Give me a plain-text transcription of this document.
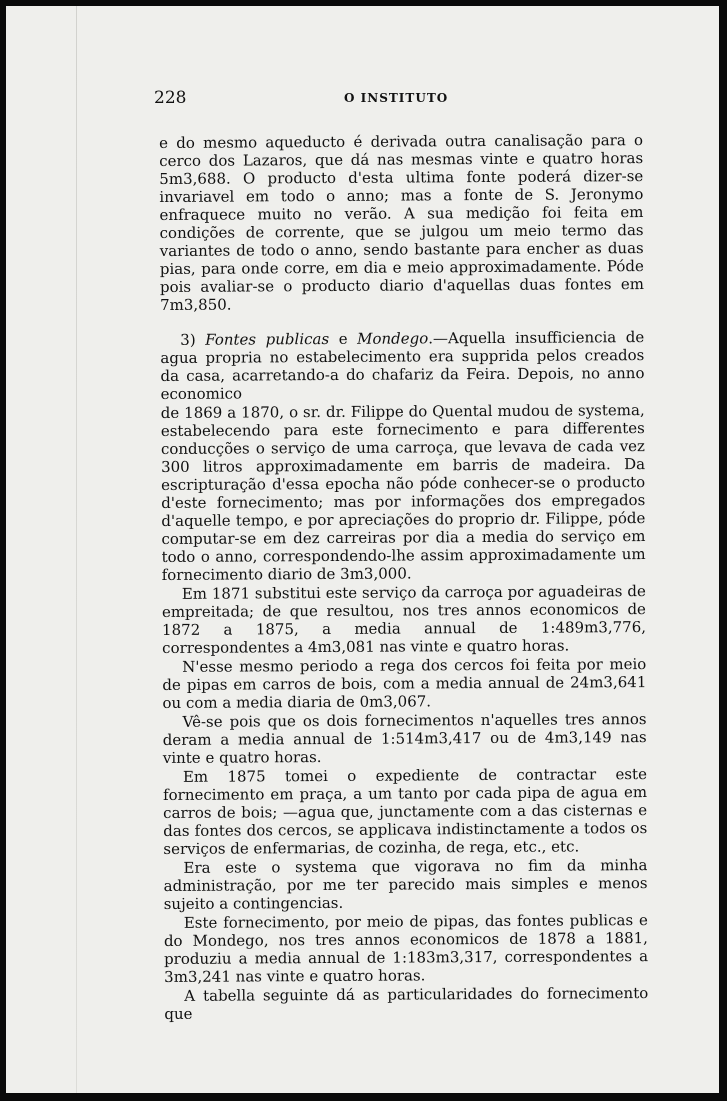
228	O INSTITUTO

e do mesmo aqueducto é derivada outra canalisação para o cerco dos Lazaros, que dá nas mesmas vinte e quatro horas 5m3,688. O producto d'esta ultima fonte poderá dizer-se invariavel em todo o anno; mas a fonte de S. Jeronymo enfraquece muito no verão. A sua medição foi feita em condições de corrente, que se julgou um meio termo das variantes de todo o anno, sendo bastante para encher as duas pias, para onde corre, em dia e meio approximadamente. Póde pois avaliar-se o producto diario d'aquellas duas fontes em 7m3,850.

3) Fontes publicas e Mondego.—Aquella insufficiencia de agua propria no estabelecimento era supprida pelos creados da casa, acarretando-a do chafariz da Feira. Depois, no anno economico

de 1869 a 1870, o sr. dr. Filippe do Quental mudou de systema, estabelecendo para este fornecimento e para differentes conducções o serviço de uma carroça, que levava de cada vez 300 litros approximadamente em barris de madeira. Da escripturação d'essa epocha não póde conhecer-se o producto d'este fornecimento; mas por informações dos empregados d'aquelle tempo, e por apreciações do proprio dr. Filippe, póde computar-se em dez carreiras por dia a media do serviço em todo o anno, correspondendo-lhe assim approximadamente um fornecimento diario de 3m3,000.

Em 1871 substitui este serviço da carroça por aguadeiras de empreitada; de que resultou, nos tres annos economicos de 1872 a 1875, a media annual de 1:489m3,776, correspondentes a 4m3,081 nas vinte e quatro horas.

N'esse mesmo periodo a rega dos cercos foi feita por meio de pipas em carros de bois, com a media annual de 24m3,641 ou com a media diaria de 0m3,067.

Vê-se pois que os dois fornecimentos n'aquelles tres annos deram a media annual de 1:514m3,417 ou de 4m3,149 nas vinte e quatro horas.

Em 1875 tomei o expediente de contractar este fornecimento em praça, a um tanto por cada pipa de agua em carros de bois; —agua que, junctamente com a das cisternas e das fontes dos cercos, se applicava indistinctamente a todos os serviços de enfermarias, de cozinha, de rega, etc., etc.

Era este o systema que vigorava no fim da minha administração, por me ter parecido mais simples e menos sujeito a contingencias.

Este fornecimento, por meio de pipas, das fontes publicas e do Mondego, nos tres annos economicos de 1878 a 1881, produziu a media annual de 1:183m3,317, correspondentes a 3m3,241 nas vinte e quatro horas.

A tabella seguinte dá as particularidades do fornecimento que
